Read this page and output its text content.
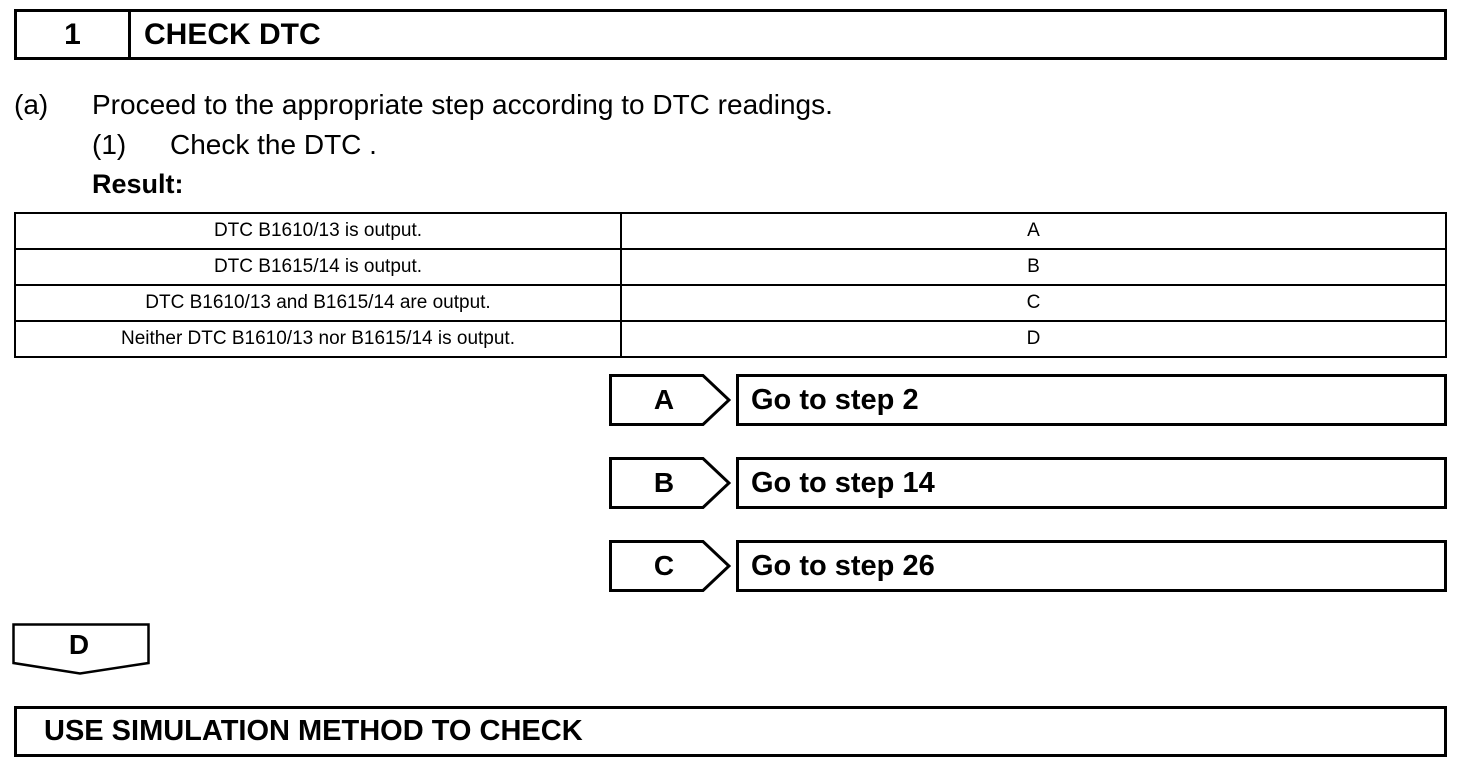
1	CHECK DTC
(a) Proceed to the appropriate step according to DTC readings.
(1) Check the DTC .
Result:
DTC B1610/13 is output.	A
DTC B1615/14 is output.	B
DTC B1610/13 and B1615/14 are output.	C
Neither DTC B1610/13 nor B1615/14 is output.	D
A	Go to step 2
B	Go to step 14
C	Go to step 26
D
USE SIMULATION METHOD TO CHECK
